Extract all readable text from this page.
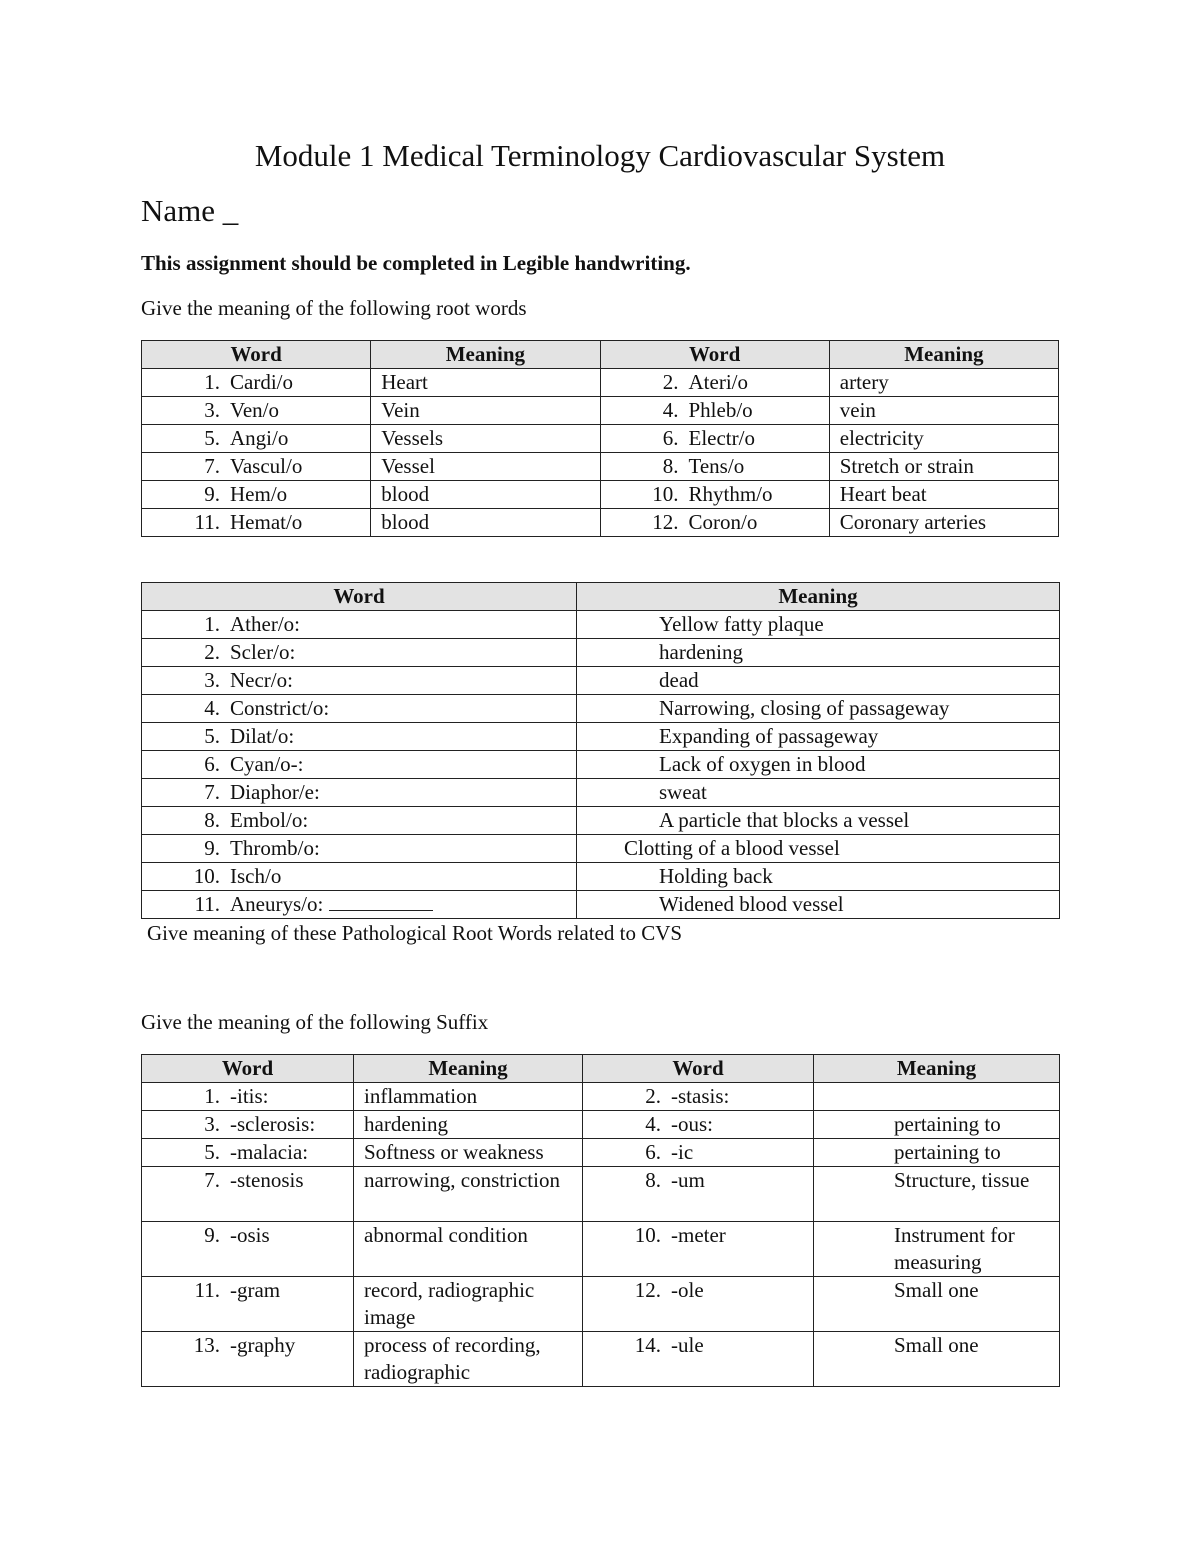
Module 1 Medical Terminology Cardiovascular System
Name _
This assignment should be completed in Legible handwriting.
Give the meaning of the following root words
Word	Meaning	Word	Meaning
1. Cardi/o	Heart	2. Ateri/o	artery
3. Ven/o	Vein	4. Phleb/o	vein
5. Angi/o	Vessels	6. Electr/o	electricity
7. Vascul/o	Vessel	8. Tens/o	Stretch or strain
9. Hem/o	blood	10. Rhythm/o	Heart beat
11. Hemat/o	blood	12. Coron/o	Coronary arteries
Word	Meaning
1. Ather/o:	Yellow fatty plaque
2. Scler/o:	hardening
3. Necr/o:	dead
4. Constrict/o:	Narrowing, closing of passageway
5. Dilat/o:	Expanding of passageway
6. Cyan/o-:	Lack of oxygen in blood
7. Diaphor/e:	sweat
8. Embol/o:	A particle that blocks a vessel
9. Thromb/o:	Clotting of a blood vessel
10. Isch/o	Holding back
11. Aneurys/o:	Widened blood vessel
Give meaning of these Pathological Root Words related to CVS
Give the meaning of the following Suffix
Word	Meaning	Word	Meaning
1. -itis:	inflammation	2. -stasis:	
3. -sclerosis:	hardening	4. -ous:	pertaining to
5. -malacia:	Softness or weakness	6. -ic	pertaining to
7. -stenosis	narrowing, constriction	8. -um	Structure, tissue
9. -osis	abnormal condition	10. -meter	Instrument for measuring
11. -gram	record, radiographic image	12. -ole	Small one
13. -graphy	process of recording, radiographic	14. -ule	Small one
